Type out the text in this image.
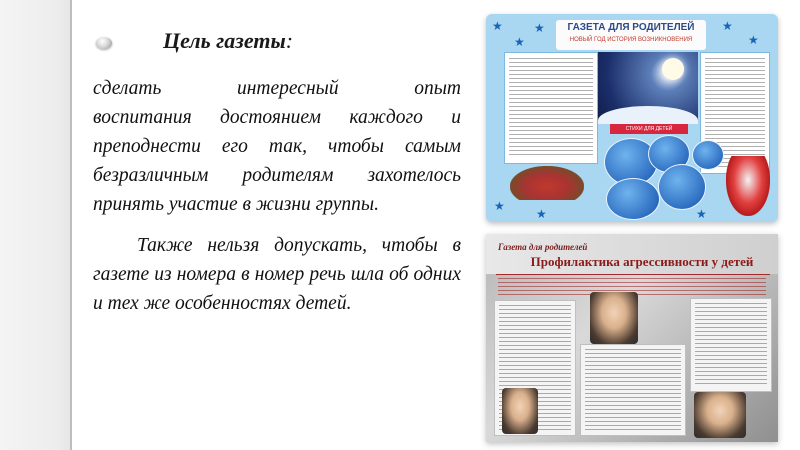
Цель газеты:
сделать интересный опыт
воспитания достоянием каждого и преподнести его так, чтобы самым безразличным родителям захотелось принять участие в жизни группы.
Также нельзя допускать, чтобы в газете из номера в номер речь шла об одних и тех же особенностях детей.
★
★
★	★
★
★
★	★
ГАЗЕТА ДЛЯ РОДИТЕЛЕЙ
НОВЫЙ ГОД ИСТОРИЯ ВОЗНИКНОВЕНИЯ
СТИХИ ДЛЯ ДЕТЕЙ
Газета для родителей
Профилактика агрессивности у детей
